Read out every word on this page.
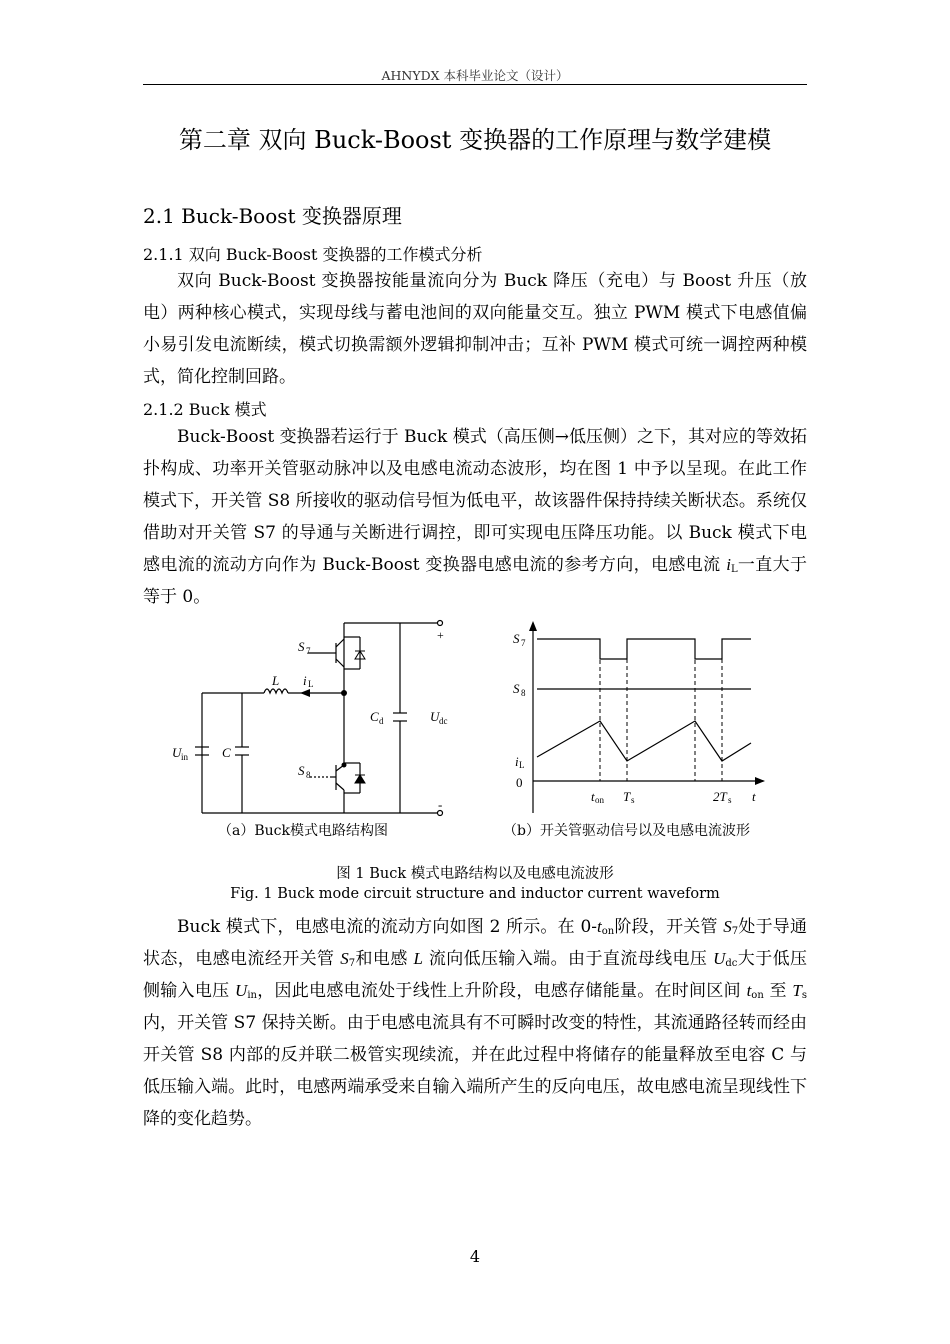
AHNYDX 本科毕业论文（设计）
第二章 双向 Buck-Boost 变换器的工作原理与数学建模
2.1 Buck-Boost 变换器原理
2.1.1 双向 Buck-Boost 变换器的工作模式分析

双向 Buck-Boost 变换器按能量流向分为 Buck 降压（充电）与 Boost 升压（放电）两种核心模式，实现母线与蓄电池间的双向能量交互。独立 PWM 模式下电感值偏小易引发电流断续，模式切换需额外逻辑抑制冲击；互补 PWM 模式可统一调控两种模式，简化控制回路。

2.1.2 Buck 模式

Buck-Boost 变换器若运行于 Buck 模式（高压侧→低压侧）之下，其对应的等效拓扑构成、功率开关管驱动脉冲以及电感电流动态波形，均在图 1 中予以呈现。在此工作模式下，开关管 S8 所接收的驱动信号恒为低电平，故该器件保持持续关断状态。系统仅借助对开关管 S7 的导通与关断进行调控，即可实现电压降压功能。以 Buck 模式下电感电流的流动方向作为 Buck-Boost 变换器电感电流的参考方向，电感电流 $i_L$一直大于等于 0。

S 7
S 8
L i L
C d	U dc
U in	C
+
-
S 7
S 8
i L
0
t on T s	2T s t
（a）Buck模式电路结构图	（b）开关管驱动信号以及电感电流波形
图 1 Buck 模式电路结构以及电感电流波形
Fig. 1 Buck mode circuit structure and inductor current waveform

Buck 模式下，电感电流的流动方向如图 2 所示。在 $0-t_{on}$阶段，开关管 $S_7$处于导通状态，电感电流经开关管 $S_7$和电感 L 流向低压输入端。由于直流母线电压 $U_{dc}$大于低压侧输入电压 $U_{in}$，因此电感电流处于线性上升阶段，电感存储能量。在时间区间 $t_{on}$ 至 $T_s$ 内，开关管 S7 保持关断。由于电感电流具有不可瞬时改变的特性，其流通路径转而经由开关管 S8 内部的反并联二极管实现续流，并在此过程中将储存的能量释放至电容 C 与低压输入端。此时，电感两端承受来自输入端所产生的反向电压，故电感电流呈现线性下降的变化趋势。

4
